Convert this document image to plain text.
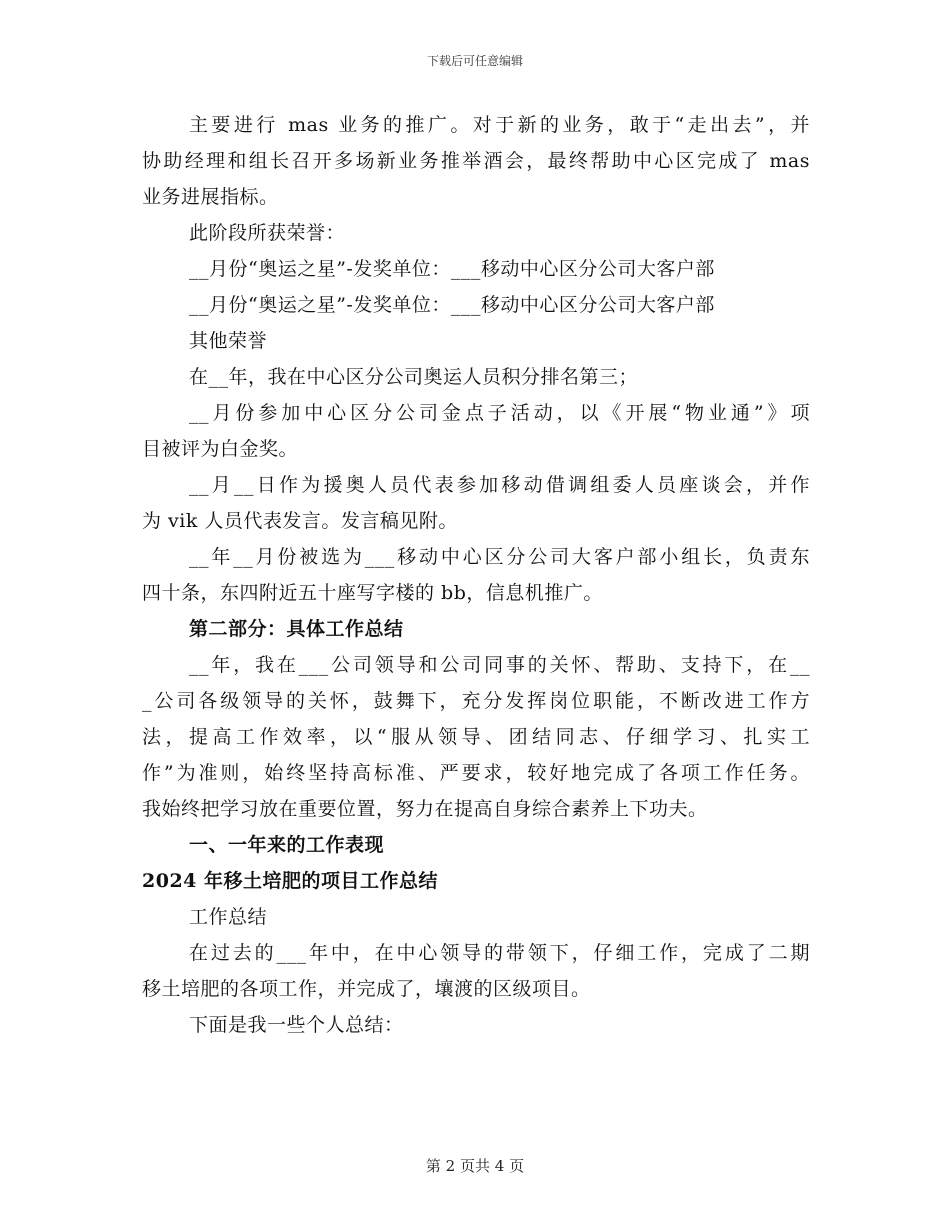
下载后可任意编辑
主要进行 mas 业务的推广。对于新的业务，敢于“走出去”，并
协助经理和组长召开多场新业务推举酒会，最终帮助中心区完成了 mas
业务进展指标。
此阶段所获荣誉：
__月份“奥运之星”-发奖单位：___移动中心区分公司大客户部
__月份“奥运之星”-发奖单位：___移动中心区分公司大客户部
其他荣誉
在__年，我在中心区分公司奥运人员积分排名第三；
__月份参加中心区分公司金点子活动，以《开展“物业通”》项
目被评为白金奖。
__月__日作为援奥人员代表参加移动借调组委人员座谈会，并作
为 vik 人员代表发言。发言稿见附。
__年__月份被选为___移动中心区分公司大客户部小组长，负责东
四十条，东四附近五十座写字楼的 bb，信息机推广。
第二部分：具体工作总结
__年，我在___公司领导和公司同事的关怀、帮助、支持下，在__
_公司各级领导的关怀，鼓舞下，充分发挥岗位职能，不断改进工作方
法，提高工作效率，以“服从领导、团结同志、仔细学习、扎实工
作”为准则，始终坚持高标准、严要求，较好地完成了各项工作任务。
我始终把学习放在重要位置，努力在提高自身综合素养上下功夫。
一、一年来的工作表现
2024 年移土培肥的项目工作总结
工作总结
在过去的___年中，在中心领导的带领下，仔细工作，完成了二期
移土培肥的各项工作，并完成了，壤渡的区级项目。
下面是我一些个人总结：
第 2 页共 4 页
